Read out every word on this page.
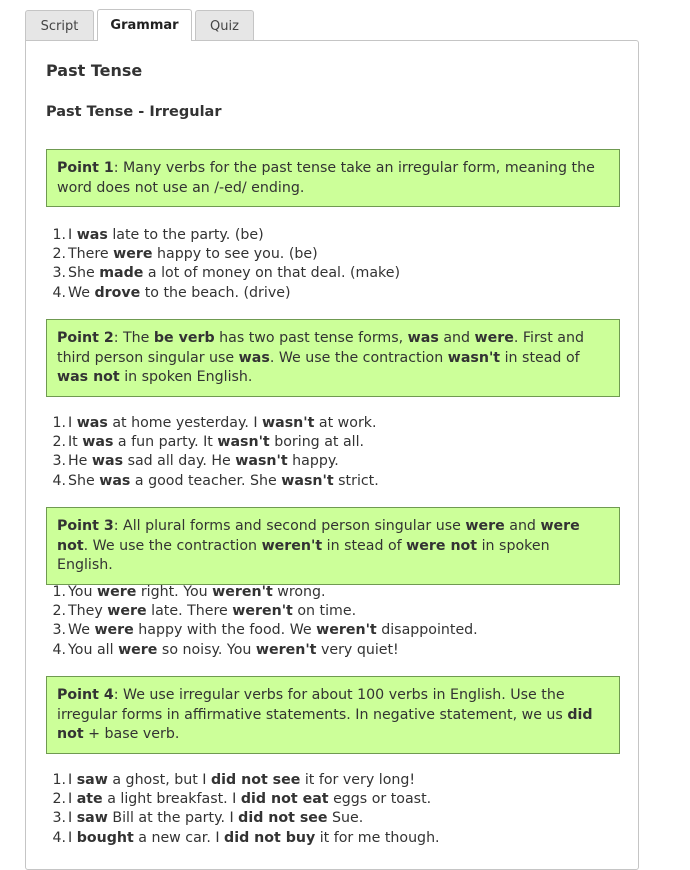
Script	Grammar	Quiz
Past Tense
Past Tense - Irregular
Point 1: Many verbs for the past tense take an irregular form, meaning the word does not use an /-ed/ ending.
1. I was late to the party. (be)
2. There were happy to see you. (be)
3. She made a lot of money on that deal. (make)
4. We drove to the beach. (drive)
Point 2: The be verb has two past tense forms, was and were. First and third person singular use was. We use the contraction wasn't in stead of was not in spoken English.
1. I was at home yesterday. I wasn't at work.
2. It was a fun party. It wasn't boring at all.
3. He was sad all day. He wasn't happy.
4. She was a good teacher. She wasn't strict.
Point 3: All plural forms and second person singular use were and were not. We use the contraction weren't in stead of were not in spoken English.
1. You were right. You weren't wrong.
2. They were late. There weren't on time.
3. We were happy with the food. We weren't disappointed.
4. You all were so noisy. You weren't very quiet!
Point 4: We use irregular verbs for about 100 verbs in English. Use the irregular forms in affirmative statements. In negative statement, we us did not + base verb.
1. I saw a ghost, but I did not see it for very long!
2. I ate a light breakfast. I did not eat eggs or toast.
3. I saw Bill at the party. I did not see Sue.
4. I bought a new car. I did not buy it for me though.
